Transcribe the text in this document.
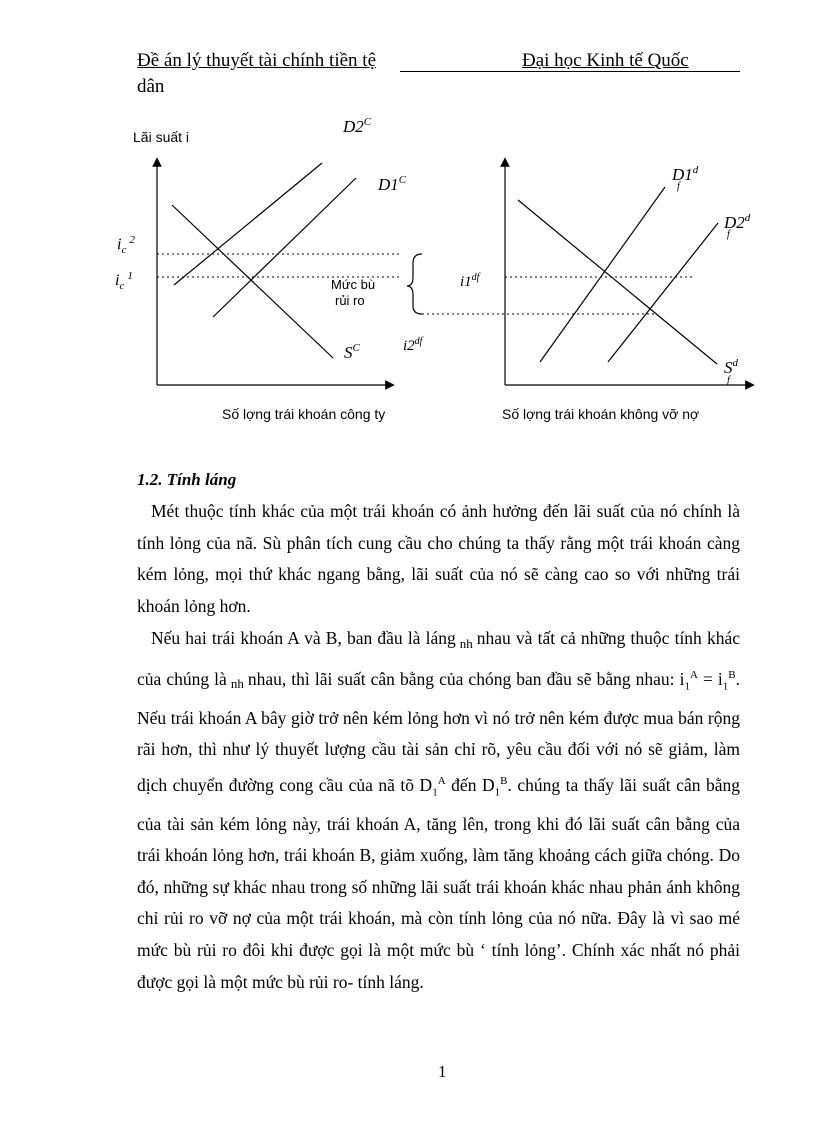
Đề án lý thuyết tài chính tiền tệ	Đại học Kinh tế Quốc
dân
Lãi suất i
$D2^C$
$D1^C$
$S^C$
$i_c^2$
$i_c^1$
Mức bù
rủi ro
Số lợng trái khoán công ty
D1$^d$
f
D2$^d$
f
$S^d$
f
$i1^{df}$
$i2^{df}$
Số lợng trái khoán không vỡ nợ
1.2. Tính láng

Mét thuộc tính khác của một trái khoán có ảnh hưởng đến lãi suất của nó chính là tính lỏng của nã. Sù phân tích cung cầu cho chúng ta thấy rằng một trái khoán càng kém lỏng, mọi thứ khác ngang bằng, lãi suất của nó sẽ càng cao so với những trái khoán lỏng hơn.

Nếu hai trái khoán A và B, ban đầu là láng $_{nh}$ nhau và tất cả những thuộc tính khác của chúng là $_{nh}$ nhau, thì lãi suất cân bằng của chóng ban đầu sẽ bằng nhau: $i_1^A = i_1^B$. Nếu trái khoán A bây giờ trở nên kém lỏng hơn vì nó trở nên kém được mua bán rộng rãi hơn, thì như lý thuyết lượng cầu tài sản chỉ rõ, yêu cầu đối với nó sẽ giảm, làm dịch chuyển đường cong cầu của nã tõ $D_1^A$ đến $D_1^B$. chúng ta thấy lãi suất cân bằng của tài sản kém lỏng này, trái khoán A, tăng lên, trong khi đó lãi suất cân bằng của trái khoán lỏng hơn, trái khoán B, giảm xuống, làm tăng khoảng cách giữa chóng. Do đó, những sự khác nhau trong số những lãi suất trái khoán khác nhau phản ánh không chỉ rủi ro vỡ nợ của một trái khoán, mà còn tính lỏng của nó nữa. Đây là vì sao mé mức bù rủi ro đôi khi được gọi là một mức bù ‘ tính lỏng’. Chính xác nhất nó phải được gọi là một mức bù rủi ro- tính láng.

1
